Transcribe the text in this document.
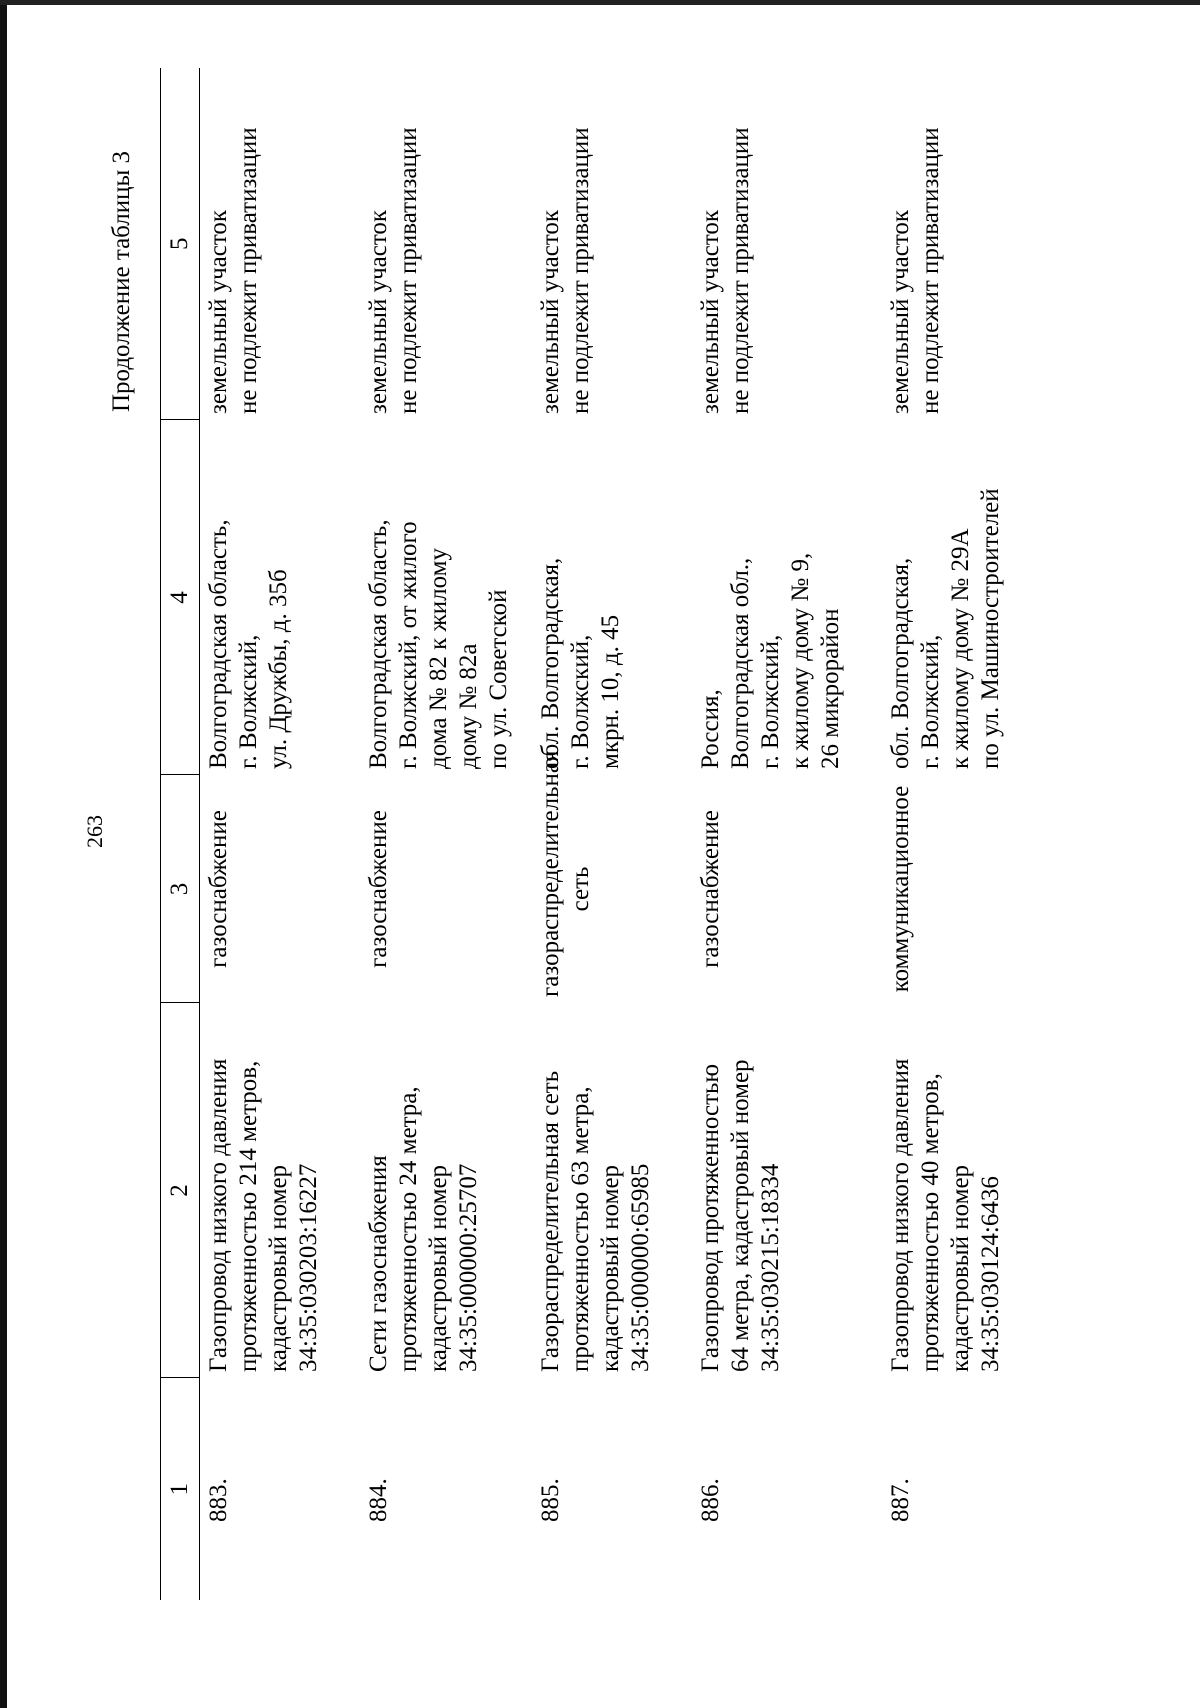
263
Продолжение таблицы 3
1	2	3	4	5
883.	Газопровод низкого давления
протяженностью 214 метров,
кадастровый номер
34:35:030203:16227	газоснабжение	Волгоградская область,
г. Волжский,
ул. Дружбы, д. 35б	земельный участок
не подлежит приватизации
884.	Сети газоснабжения
протяженностью 24 метра,
кадастровый номер
34:35:000000:25707	газоснабжение	Волгоградская область,
г. Волжский, от жилого
дома № 82 к жилому
дому № 82а
по ул. Советской	земельный участок
не подлежит приватизации
885.	Газораспределительная сеть
протяженностью 63 метра,
кадастровый номер
34:35:000000:65985	газораспределительная
сеть	обл. Волгоградская,
г. Волжский,
мкрн. 10, д. 45	земельный участок
не подлежит приватизации
886.	Газопровод протяженностью
64 метра, кадастровый номер
34:35:030215:18334	газоснабжение	Россия,
Волгоградская обл.,
г. Волжский,
к жилому дому № 9,
26 микрорайон	земельный участок
не подлежит приватизации
887.	Газопровод низкого давления
протяженностью 40 метров,
кадастровый номер
34:35:030124:6436	коммуникационное	обл. Волгоградская,
г. Волжский,
к жилому дому № 29А
по ул. Машиностроителей	земельный участок
не подлежит приватизации
